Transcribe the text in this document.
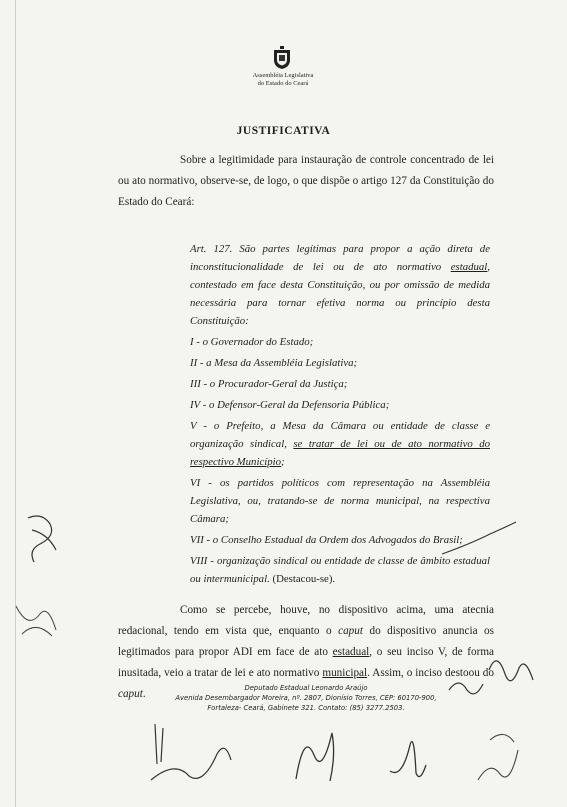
Assembléia Legislativa
do Estado do Ceará
JUSTIFICATIVA

Sobre a legitimidade para instauração de controle concentrado de lei ou ato normativo, observe-se, de logo, o que dispõe o artigo 127 da Constituição do Estado do Ceará:

Art. 127. São partes legítimas para propor a ação direta de inconstitucionalidade de lei ou de ato normativo estadual, contestado em face desta Constituição, ou por omissão de medida necessária para tornar efetiva norma ou princípio desta Constituição:

I - o Governador do Estado;

II - a Mesa da Assembléia Legislativa;

III - o Procurador-Geral da Justiça;

IV - o Defensor-Geral da Defensoria Pública;

V - o Prefeito, a Mesa da Câmara ou entidade de classe e organização sindical, se tratar de lei ou de ato normativo do respectivo Município;

VI - os partidos políticos com representação na Assembléia Legislativa, ou, tratando-se de norma municipal, na respectiva Câmara;

VII - o Conselho Estadual da Ordem dos Advogados do Brasil;

VIII - organização sindical ou entidade de classe de âmbito estadual ou intermunicipal. (Destacou-se).

Como se percebe, houve, no dispositivo acima, uma atecnia redacional, tendo em vista que, enquanto o caput do dispositivo anuncia os legitimados para propor ADI em face de ato estadual, o seu inciso V, de forma inusitada, veio a tratar de lei e ato normativo municipal. Assim, o inciso destoou do caput.	Deputado Estadual Leonardo Araújo
Avenida Desembargador Moreira, nº. 2807, Dionísio Torres, CEP: 60170-900,
Fortaleza- Ceará, Gabinete 321. Contato: (85) 3277.2503.
